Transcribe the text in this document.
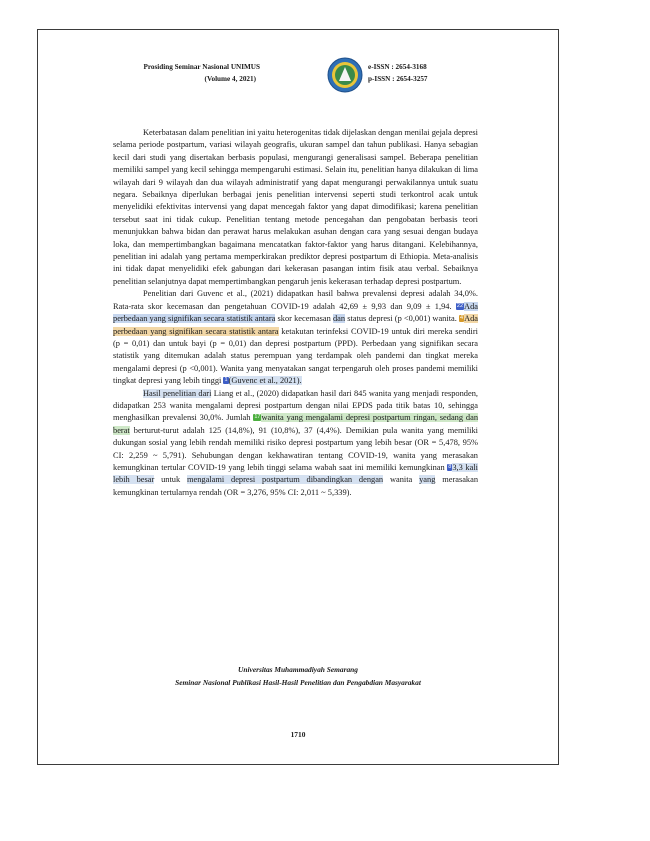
Prosiding Seminar Nasional UNIMUS
(Volume 4, 2021)
e-ISSN : 2654-3168
p-ISSN : 2654-3257

Keterbatasan dalam penelitian ini yaitu heterogenitas tidak dijelaskan dengan menilai gejala depresi selama periode postpartum, variasi wilayah geografis, ukuran sampel dan tahun publikasi. Hanya sebagian kecil dari studi yang disertakan berbasis populasi, mengurangi generalisasi sampel. Beberapa penelitian memiliki sampel yang kecil sehingga mempengaruhi estimasi. Selain itu, penelitian hanya dilakukan di lima wilayah dari 9 wilayah dan dua wilayah administratif yang dapat mengurangi perwakilannya untuk suatu negara. Sebaiknya diperlukan berbagai jenis penelitian intervensi seperti studi terkontrol acak untuk menyelidiki efektivitas intervensi yang dapat mencegah faktor yang dapat dimodifikasi; karena penelitian tersebut saat ini tidak cukup. Penelitian tentang metode pencegahan dan pengobatan berbasis teori menunjukkan bahwa bidan dan perawat harus melakukan asuhan dengan cara yang sesuai dengan budaya loka, dan mempertimbangkan bagaimana mencatatkan faktor-faktor yang harus ditangani. Kelebihannya, penelitian ini adalah yang pertama memperkirakan prediktor depresi postpartum di Ethiopia. Meta-analisis ini tidak dapat menyelidiki efek gabungan dari kekerasan pasangan intim fisik atau verbal. Sebaiknya penelitian selanjutnya dapat mempertimbangkan pengaruh jenis kekerasan terhadap depresi postpartum.

Penelitian dari Guvenc et al., (2021) didapatkan hasil bahwa prevalensi depresi adalah 34,0%. Rata-rata skor kecemasan dan pengetahuan COVID-19 adalah 42,69 ± 9,93 dan 9,09 ± 1,94. 22Ada perbedaan yang signifikan secara statistik antara skor kecemasan dan status depresi (p <0,001) wanita. 4Ada perbedaan yang signifikan secara statistik antara ketakutan terinfeksi COVID-19 untuk diri mereka sendiri (p = 0,01) dan untuk bayi (p = 0,01) dan depresi postpartum (PPD). Perbedaan yang signifikan secara statistik yang ditemukan adalah status perempuan yang terdampak oleh pandemi dan tingkat mereka mengalami depresi (p <0,001). Wanita yang menyatakan sangat terpengaruh oleh proses pandemi memiliki tingkat depresi yang lebih tinggi 1(Guvenc et al., 2021).

Hasil penelitian dari Liang et al., (2020) didapatkan hasil dari 845 wanita yang menjadi responden, didapatkan 253 wanita mengalami depresi postpartum dengan nilai EPDS pada titik batas 10, sehingga menghasilkan prevalensi 30,0%. Jumlah 17wanita yang mengalami depresi postpartum ringan, sedang dan berat berturut-turut adalah 125 (14,8%), 91 (10,8%), 37 (4,4%). Demikian pula wanita yang memiliki dukungan sosial yang lebih rendah memiliki risiko depresi postpartum yang lebih besar (OR = 5,478, 95% CI: 2,259 ~ 5,791). Sehubungan dengan kekhawatiran tentang COVID-19, wanita yang merasakan kemungkinan tertular COVID-19 yang lebih tinggi selama wabah saat ini memiliki kemungkinan 83,3 kali lebih besar untuk mengalami depresi postpartum dibandingkan dengan wanita yang merasakan kemungkinan tertularnya rendah (OR = 3,276, 95% CI: 2,011 ~ 5,339).

Universitas Muhammadiyah Semarang
Seminar Nasional Publikasi Hasil-Hasil Penelitian dan Pengabdian Masyarakat
1710
